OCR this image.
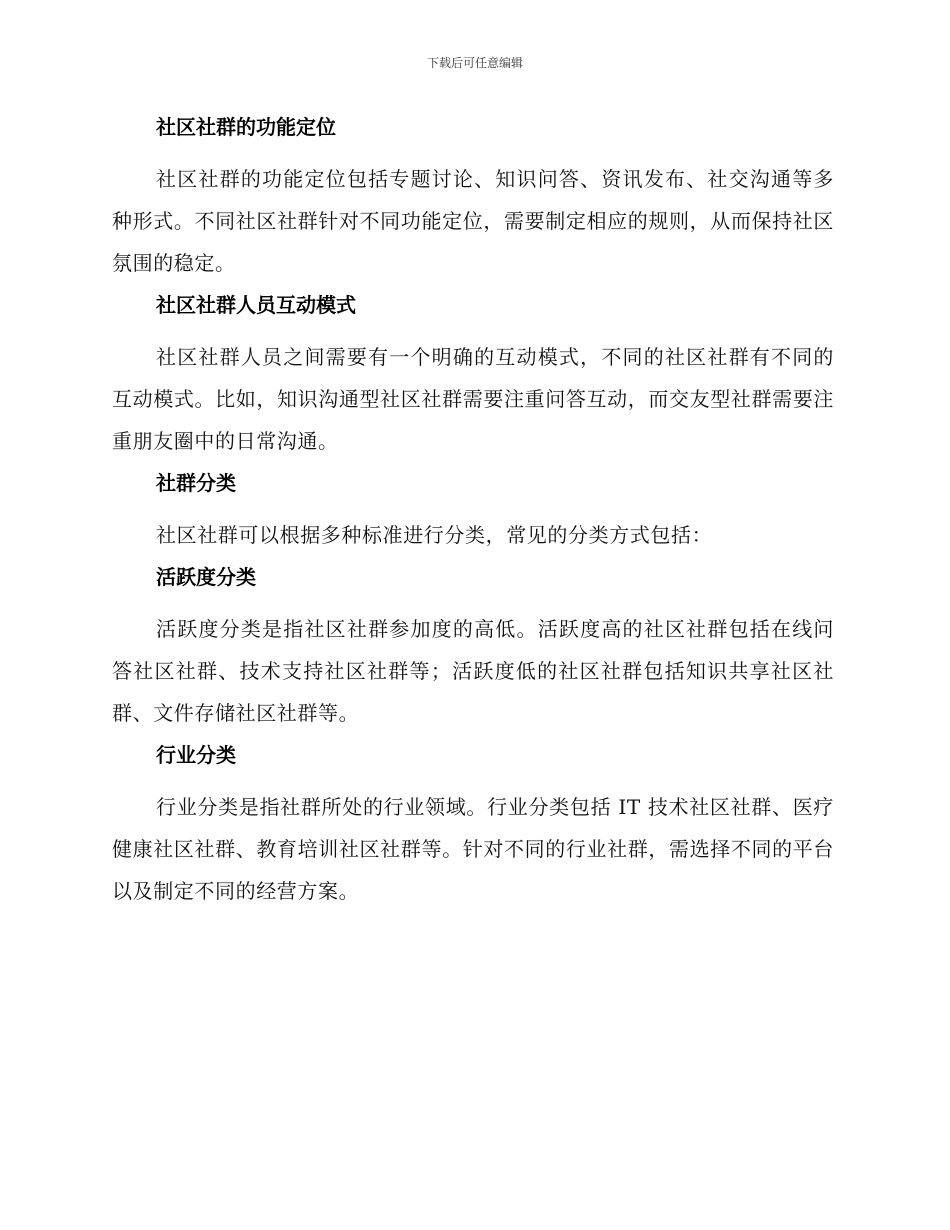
下载后可任意编辑
社区社群的功能定位

社区社群的功能定位包括专题讨论、知识问答、资讯发布、社交沟通等多种形式。不同社区社群针对不同功能定位，需要制定相应的规则，从而保持社区氛围的稳定。

社区社群人员互动模式

社区社群人员之间需要有一个明确的互动模式，不同的社区社群有不同的互动模式。比如，知识沟通型社区社群需要注重问答互动，而交友型社群需要注重朋友圈中的日常沟通。

社群分类

社区社群可以根据多种标准进行分类，常见的分类方式包括：

活跃度分类

活跃度分类是指社区社群参加度的高低。活跃度高的社区社群包括在线问答社区社群、技术支持社区社群等；活跃度低的社区社群包括知识共享社区社群、文件存储社区社群等。

行业分类

行业分类是指社群所处的行业领域。行业分类包括 IT 技术社区社群、医疗健康社区社群、教育培训社区社群等。针对不同的行业社群，需选择不同的平台以及制定不同的经营方案。
